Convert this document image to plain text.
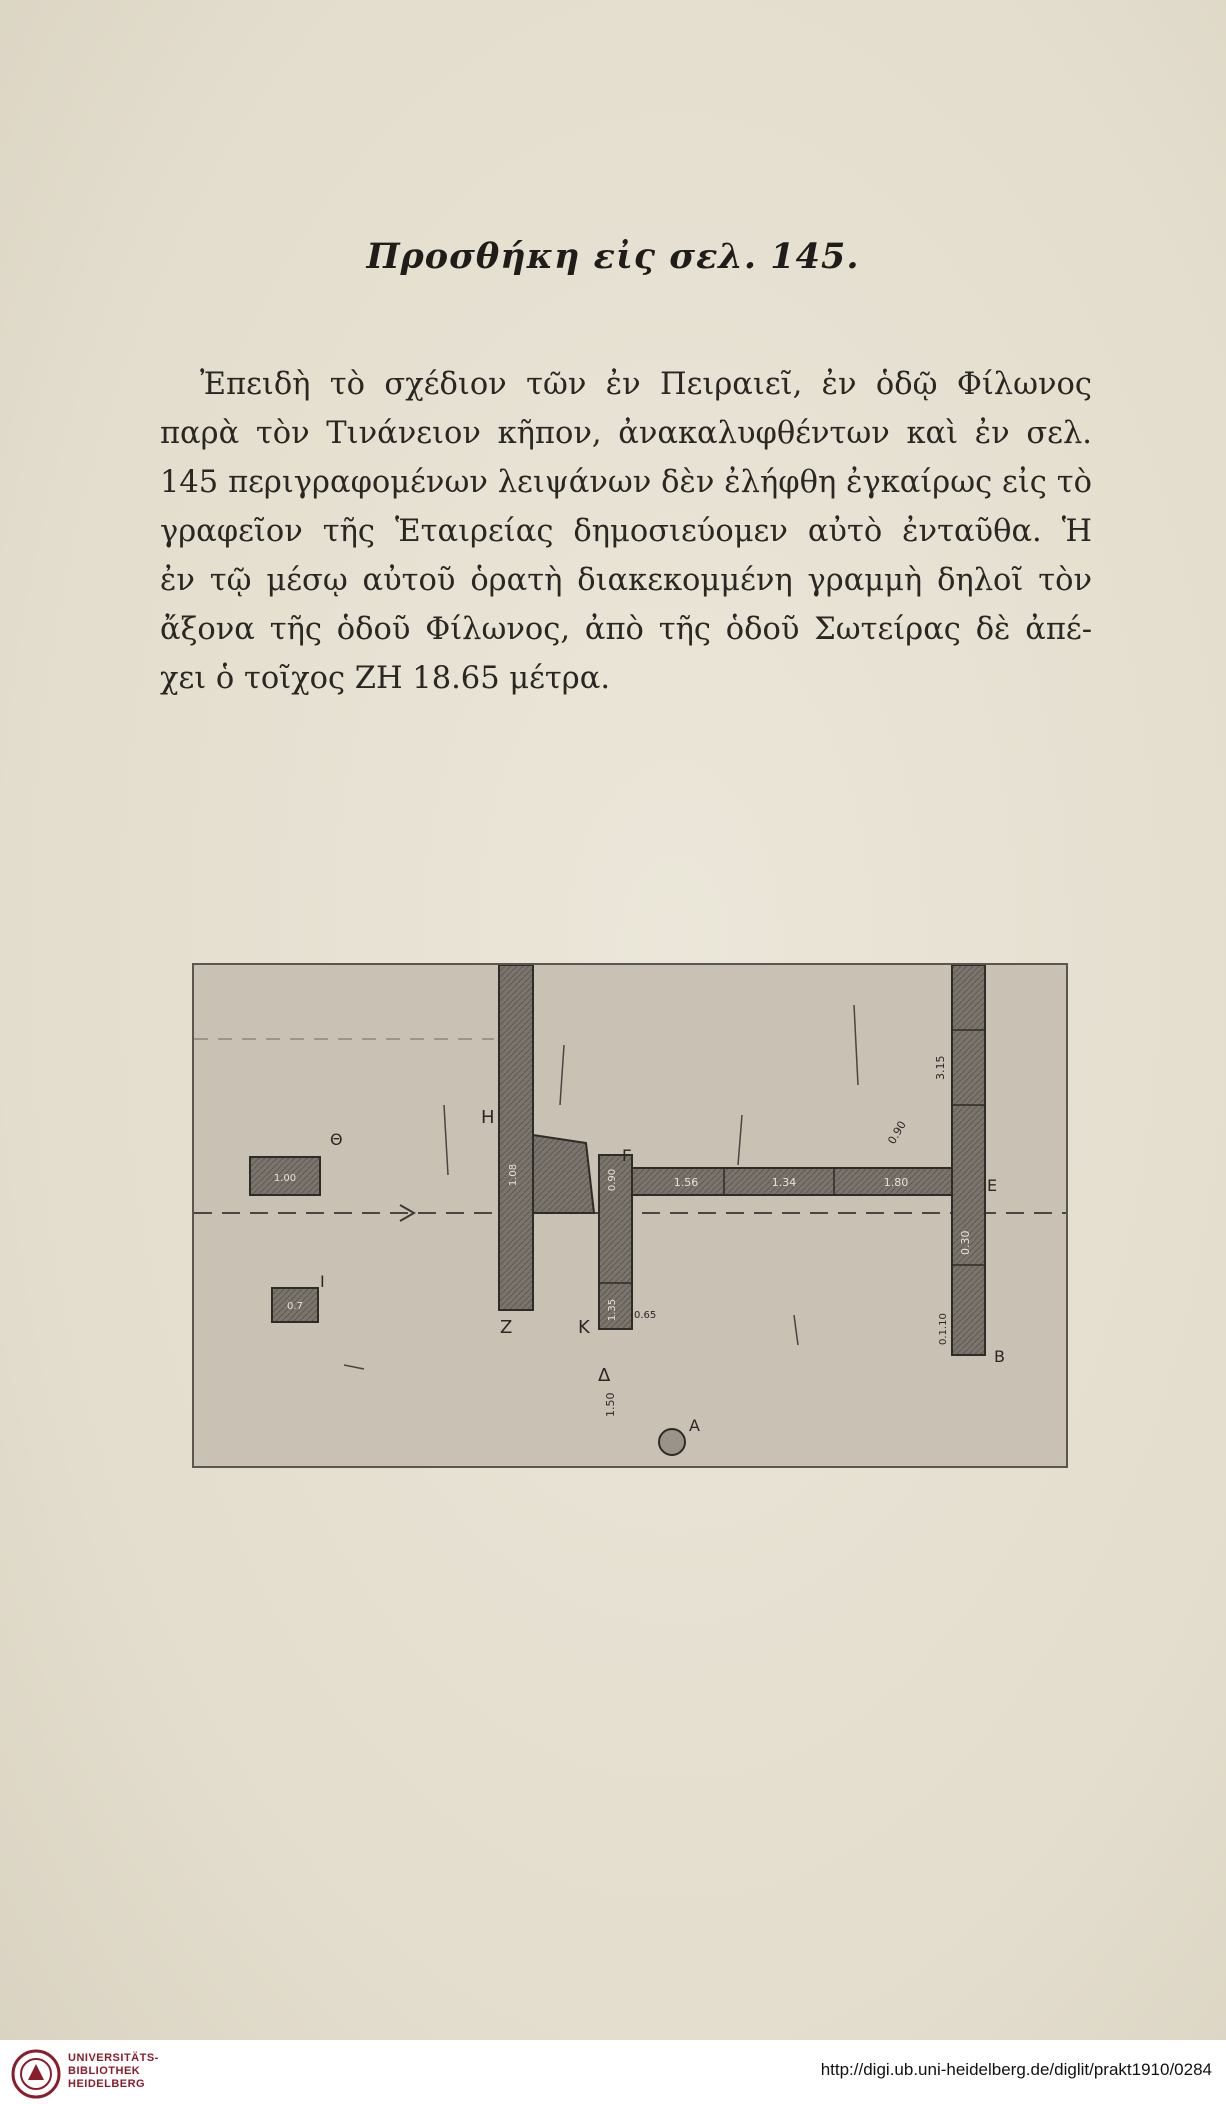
Προσθήκη εἰς σελ. 145.
Ἐπειδὴ τὸ σχέδιον τῶν ἐν Πειραιεῖ, ἐν ὁδῷ Φίλωνος
παρὰ τὸν Τινάνειον κῆπον, ἀνακαλυφθέντων καὶ ἐν σελ.
145 περιγραφομένων λειψάνων δὲν ἐλήφθη ἐγκαίρως εἰς τὸ
γραφεῖον τῆς Ἑταιρείας δημοσιεύομεν αὐτὸ ἐνταῦθα. Ἡ
ἐν τῷ μέσῳ αὐτοῦ ὁρατὴ διακεκομμένη γραμμὴ δηλοῖ τὸν
ἄξονα τῆς ὁδοῦ Φίλωνος, ἀπὸ τῆς ὁδοῦ Σωτείρας δὲ ἀπέ-
χει ὁ τοῖχος ΖΗ 18.65 μέτρα.
1.00
Θ
0.7
Ι
1.08
Η
Ζ
0.90
1.35 0.65
Κ
Δ
1.50
1.56	1.34	1.80
Γ
Ε
3.15
0.90
0.30
0.1.10
Β
Α
UNIVERSITÄTS-
BIBLIOTHEK
HEIDELBERG
http://digi.ub.uni-heidelberg.de/diglit/prakt1910/0284
